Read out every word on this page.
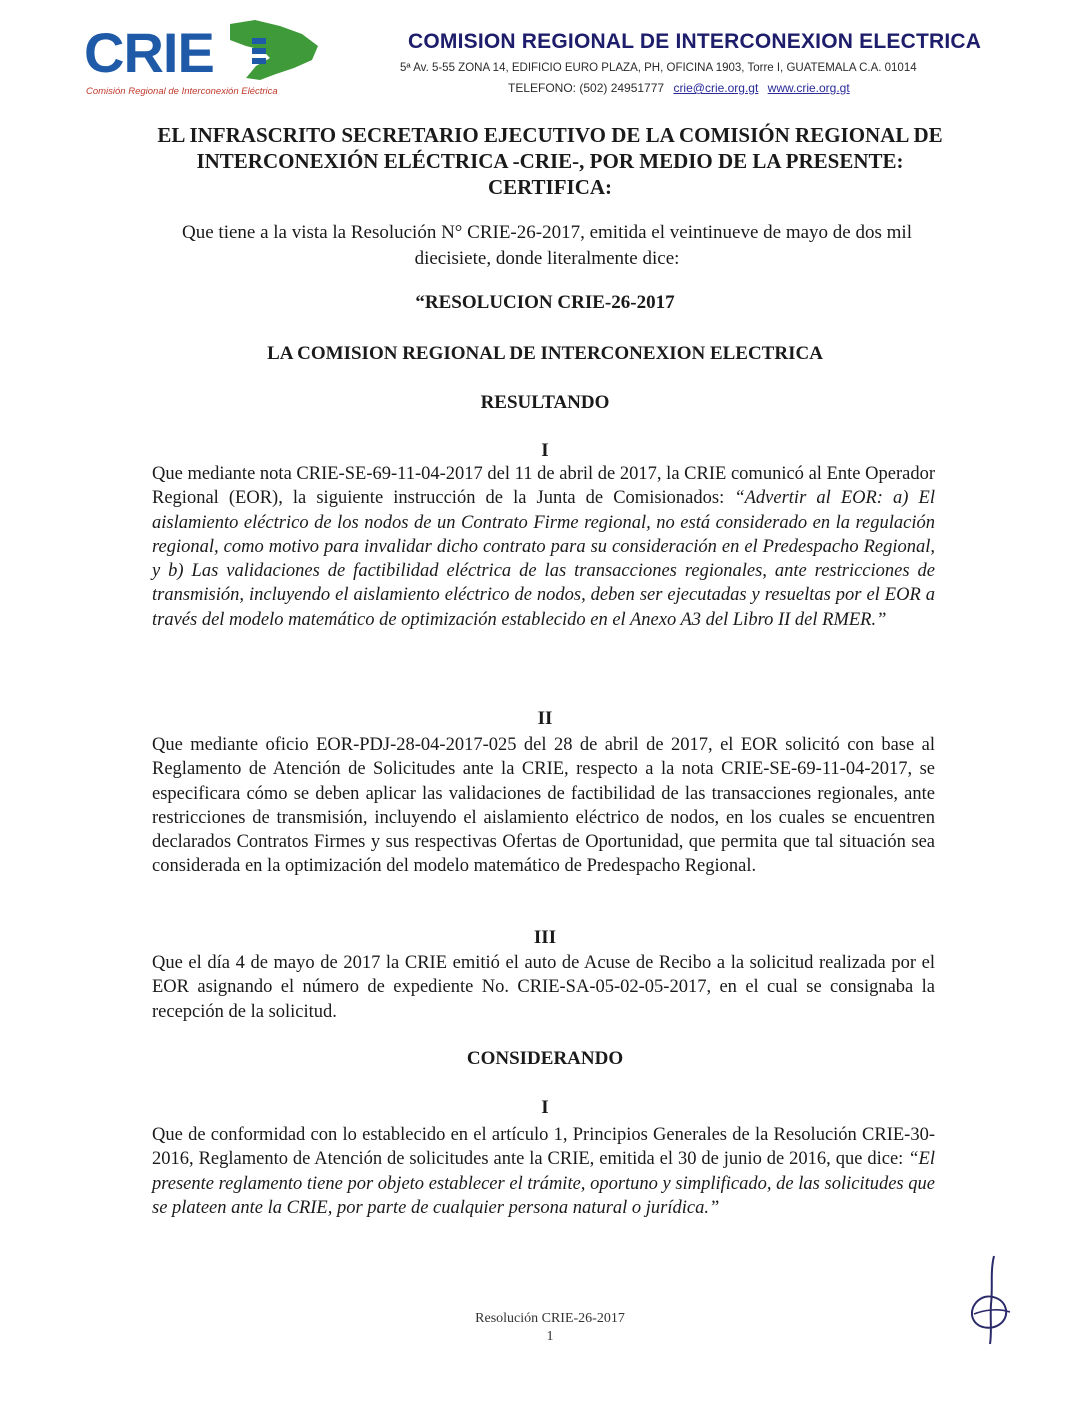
CRIE
Comisión Regional de Interconexión Eléctrica
COMISION REGIONAL DE INTERCONEXION ELECTRICA
5ª Av. 5-55 ZONA 14, EDIFICIO EURO PLAZA, PH, OFICINA 1903, Torre I, GUATEMALA C.A. 01014
TELEFONO: (502) 24951777 crie@crie.org.gt www.crie.org.gt
EL INFRASCRITO SECRETARIO EJECUTIVO DE LA COMISIÓN REGIONAL DE INTERCONEXIÓN ELÉCTRICA -CRIE-, POR MEDIO DE LA PRESENTE: CERTIFICA:
Que tiene a la vista la Resolución N° CRIE-26-2017, emitida el veintinueve de mayo de dos mil diecisiete, donde literalmente dice:
“RESOLUCION CRIE-26-2017
LA COMISION REGIONAL DE INTERCONEXION ELECTRICA
RESULTANDO
I
Que mediante nota CRIE-SE-69-11-04-2017 del 11 de abril de 2017, la CRIE comunicó al Ente Operador Regional (EOR), la siguiente instrucción de la Junta de Comisionados: “Advertir al EOR: a) El aislamiento eléctrico de los nodos de un Contrato Firme regional, no está considerado en la regulación regional, como motivo para invalidar dicho contrato para su consideración en el Predespacho Regional, y b) Las validaciones de factibilidad eléctrica de las transacciones regionales, ante restricciones de transmisión, incluyendo el aislamiento eléctrico de nodos, deben ser ejecutadas y resueltas por el EOR a través del modelo matemático de optimización establecido en el Anexo A3 del Libro II del RMER.”
II
Que mediante oficio EOR-PDJ-28-04-2017-025 del 28 de abril de 2017, el EOR solicitó con base al Reglamento de Atención de Solicitudes ante la CRIE, respecto a la nota CRIE-SE-69-11-04-2017, se especificara cómo se deben aplicar las validaciones de factibilidad de las transacciones regionales, ante restricciones de transmisión, incluyendo el aislamiento eléctrico de nodos, en los cuales se encuentren declarados Contratos Firmes y sus respectivas Ofertas de Oportunidad, que permita que tal situación sea considerada en la optimización del modelo matemático de Predespacho Regional.
III
Que el día 4 de mayo de 2017 la CRIE emitió el auto de Acuse de Recibo a la solicitud realizada por el EOR asignando el número de expediente No. CRIE-SA-05-02-05-2017, en el cual se consignaba la recepción de la solicitud.
CONSIDERANDO
I
Que de conformidad con lo establecido en el artículo 1, Principios Generales de la Resolución CRIE-30-2016, Reglamento de Atención de solicitudes ante la CRIE, emitida el 30 de junio de 2016, que dice: “El presente reglamento tiene por objeto establecer el trámite, oportuno y simplificado, de las solicitudes que se plateen ante la CRIE, por parte de cualquier persona natural o jurídica.”
Resolución CRIE-26-2017
1
